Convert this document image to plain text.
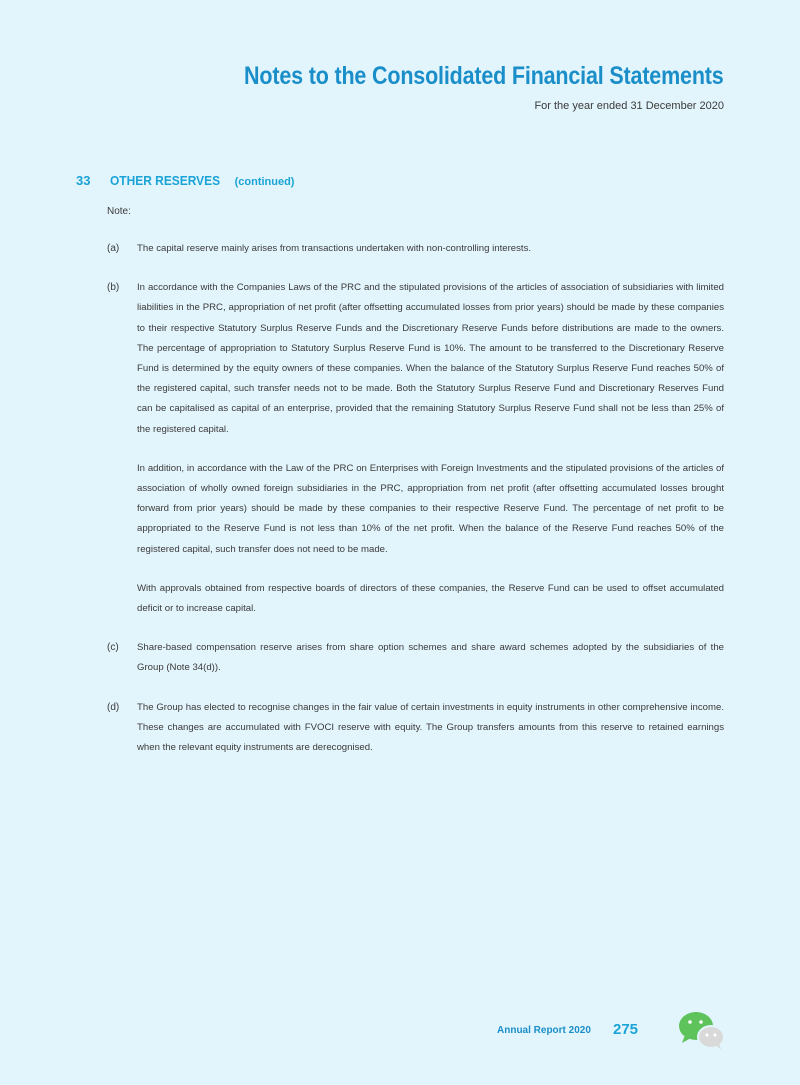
Notes to the Consolidated Financial Statements
For the year ended 31 December 2020
33 OTHER RESERVES (continued)
Note:
(a)	The capital reserve mainly arises from transactions undertaken with non-controlling interests.

(b)	In accordance with the Companies Laws of the PRC and the stipulated provisions of the articles of association of subsidiaries with limited liabilities in the PRC, appropriation of net profit (after offsetting accumulated losses from prior years) should be made by these companies to their respective Statutory Surplus Reserve Funds and the Discretionary Reserve Funds before distributions are made to the owners. The percentage of appropriation to Statutory Surplus Reserve Fund is 10%. The amount to be transferred to the Discretionary Reserve Fund is determined by the equity owners of these companies. When the balance of the Statutory Surplus Reserve Fund reaches 50% of the registered capital, such transfer needs not to be made. Both the Statutory Surplus Reserve Fund and Discretionary Reserves Fund can be capitalised as capital of an enterprise, provided that the remaining Statutory Surplus Reserve Fund shall not be less than 25% of the registered capital.

In addition, in accordance with the Law of the PRC on Enterprises with Foreign Investments and the stipulated provisions of the articles of association of wholly owned foreign subsidiaries in the PRC, appropriation from net profit (after offsetting accumulated losses brought forward from prior years) should be made by these companies to their respective Reserve Fund. The percentage of net profit to be appropriated to the Reserve Fund is not less than 10% of the net profit. When the balance of the Reserve Fund reaches 50% of the registered capital, such transfer does not need to be made.

With approvals obtained from respective boards of directors of these companies, the Reserve Fund can be used to offset accumulated deficit or to increase capital.

(c)	Share-based compensation reserve arises from share option schemes and share award schemes adopted by the subsidiaries of the Group (Note 34(d)).

(d)	The Group has elected to recognise changes in the fair value of certain investments in equity instruments in other comprehensive income. These changes are accumulated with FVOCI reserve with equity. The Group transfers amounts from this reserve to retained earnings when the relevant equity instruments are derecognised.

Annual Report 2020 275
